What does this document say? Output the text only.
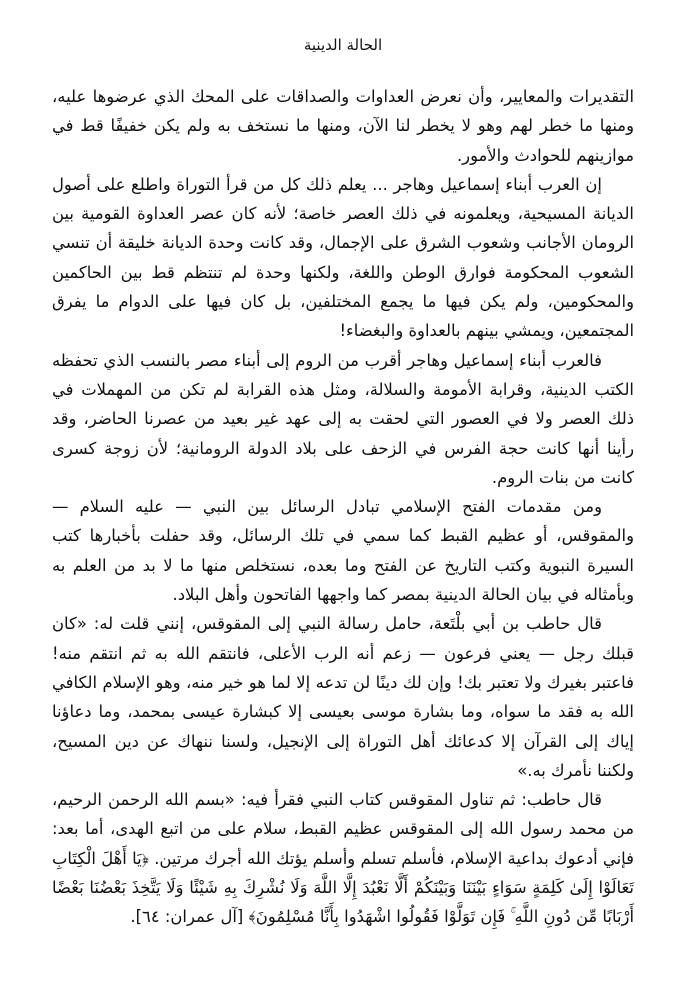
الحالة الدينية

التقديرات والمعايير، وأن نعرض العداوات والصداقات على المحك الذي عرضوها عليه، ومنها ما خطر لهم وهو لا يخطر لنا الآن، ومنها ما نستخف به ولم يكن خفيفًا قط في موازينهم للحوادث والأمور.

إن العرب أبناء إسماعيل وهاجر ... يعلم ذلك كل من قرأ التوراة واطلع على أصول الديانة المسيحية، ويعلمونه في ذلك العصر خاصة؛ لأنه كان عصر العداوة القومية بين الرومان الأجانب وشعوب الشرق على الإجمال، وقد كانت وحدة الديانة خليقة أن تنسي الشعوب المحكومة فوارق الوطن واللغة، ولكنها وحدة لم تنتظم قط بين الحاكمين والمحكومين، ولم يكن فيها ما يجمع المختلفين، بل كان فيها على الدوام ما يفرق المجتمعين، ويمشي بينهم بالعداوة والبغضاء!

فالعرب أبناء إسماعيل وهاجر أقرب من الروم إلى أبناء مصر بالنسب الذي تحفظه الكتب الدينية، وقرابة الأمومة والسلالة، ومثل هذه القرابة لم تكن من المهملات في ذلك العصر ولا في العصور التي لحقت به إلى عهد غير بعيد من عصرنا الحاضر، وقد رأينا أنها كانت حجة الفرس في الزحف على بلاد الدولة الرومانية؛ لأن زوجة كسرى كانت من بنات الروم.

ومن مقدمات الفتح الإسلامي تبادل الرسائل بين النبي — عليه السلام — والمقوقس، أو عظيم القبط كما سمي في تلك الرسائل، وقد حفلت بأخبارها كتب السيرة النبوية وكتب التاريخ عن الفتح وما بعده، نستخلص منها ما لا بد من العلم به وبأمثاله في بيان الحالة الدينية بمصر كما واجهها الفاتحون وأهل البلاد.

قال حاطب بن أبي بلْتَعة، حامل رسالة النبي إلى المقوقس، إنني قلت له: «كان قبلك رجل — يعني فرعون — زعم أنه الرب الأعلى، فانتقم الله به ثم انتقم منه! فاعتبر بغيرك ولا تعتبر بك! وإن لك دينًا لن تدعه إلا لما هو خير منه، وهو الإسلام الكافي الله به فقد ما سواه، وما بشارة موسى بعيسى إلا كبشارة عيسى بمحمد، وما دعاؤنا إياك إلى القرآن إلا كدعائك أهل التوراة إلى الإنجيل، ولسنا ننهاك عن دين المسيح، ولكننا نأمرك به.»

قال حاطب: ثم تناول المقوقس كتاب النبي فقرأ فيه: «بسم الله الرحمن الرحيم، من محمد رسول الله إلى المقوقس عظيم القبط، سلام على من اتبع الهدى، أما بعد: فإني أدعوك بداعية الإسلام، فأسلم تسلم وأسلم يؤتك الله أجرك مرتين. ﴿يَا أَهْلَ الْكِتَابِ تَعَالَوْا إِلَىٰ كَلِمَةٍ سَوَاءٍ بَيْنَنَا وَبَيْنَكُمْ أَلَّا نَعْبُدَ إِلَّا اللَّهَ وَلَا نُشْرِكَ بِهِ شَيْئًا وَلَا يَتَّخِذَ بَعْضُنَا بَعْضًا أَرْبَابًا مِّن دُونِ اللَّهِ ۚ فَإِن تَوَلَّوْا فَقُولُوا اشْهَدُوا بِأَنَّا مُسْلِمُونَ﴾ [آل عمران: ٦٤].
